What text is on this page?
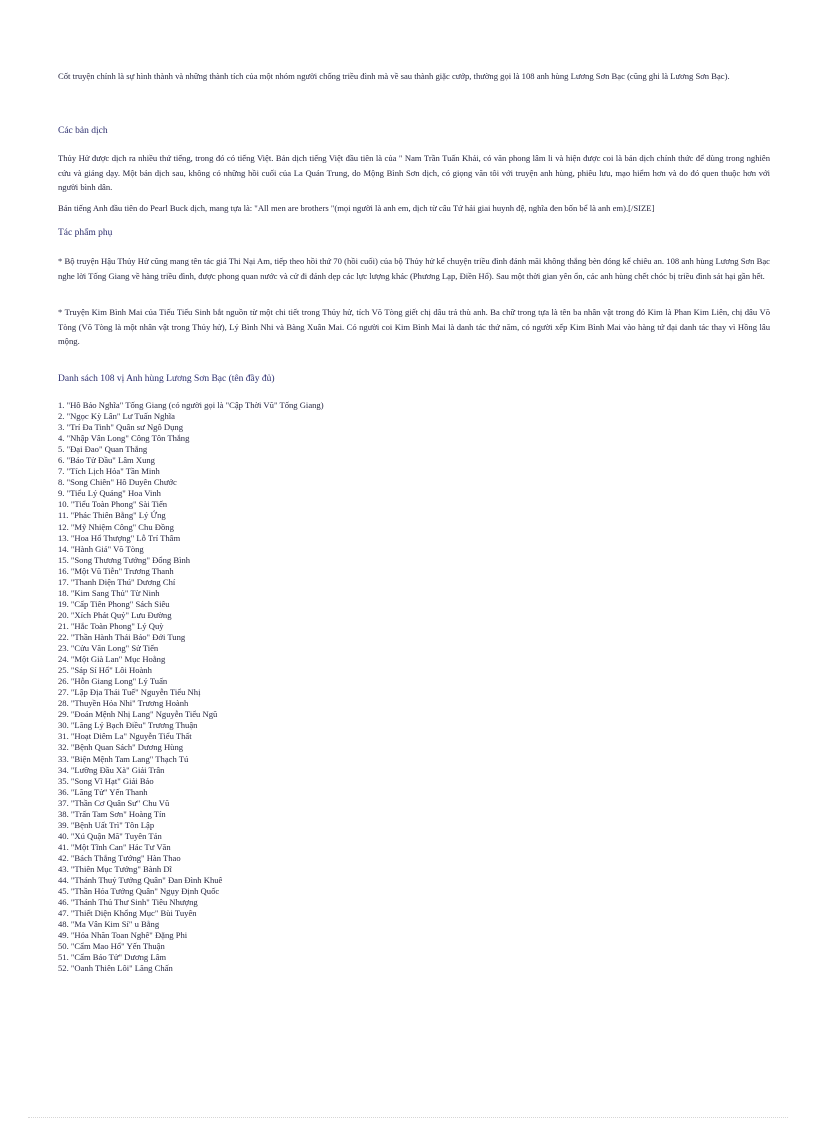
Cốt truyện chính là sự hình thành và những thành tích của một nhóm người chống triều đình mà về sau thành giặc cướp, thường gọi là 108 anh hùng Lương Sơn Bạc (cũng ghi là Lương Sơn Bạc).

Các bản dịch

Thủy Hử được dịch ra nhiều thứ tiếng, trong đó có tiếng Việt. Bản dịch tiếng Việt đầu tiên là của " Nam Trần Tuấn Khải, có văn phong lâm li và hiện được coi là bản dịch chính thức để dùng trong nghiên cứu và giảng dạy. Một bản dịch sau, không có những hồi cuối của La Quán Trung, do Mộng Bình Sơn dịch, có giọng văn tôi với truyện anh hùng, phiêu lưu, mạo hiểm hơn và do đó quen thuộc hơn với người bình dân.

Bản tiếng Anh đầu tiên do Pearl Buck dịch, mang tựa là: "All men are brothers "(mọi người là anh em, dịch từ câu Tứ hải giai huynh đệ, nghĩa đen bốn bể là anh em).[/SIZE]

Tác phẩm phụ

* Bộ truyện Hậu Thủy Hử cũng mang tên tác giả Thi Nại Am, tiếp theo hồi thứ 70 (hồi cuối) của bộ Thủy hử kể chuyện triều đình đánh mãi không thắng bèn đóng kế chiêu an. 108 anh hùng Lương Sơn Bạc nghe lời Tống Giang về hàng triều đình, được phong quan nước và cử đi đánh dẹp các lực lượng khác (Phương Lạp, Điền Hổ). Sau một thời gian yên ổn, các anh hùng chết chóc bị triều đình sát hại gần hết.

* Truyện Kim Bình Mai của Tiếu Tiếu Sinh bắt nguồn từ một chi tiết trong Thủy hử, tích Võ Tòng giết chị dâu trả thù anh. Ba chữ trong tựa là tên ba nhân vật trong đó Kim là Phan Kim Liên, chị dâu Võ Tòng (Võ Tòng là một nhân vật trong Thủy hử), Lý Bình Nhi và Bàng Xuân Mai. Có người coi Kim Bình Mai là danh tác thứ năm, có người xếp Kim Bình Mai vào hàng tứ đại danh tác thay vì Hồng lâu mộng.

Danh sách 108 vị Anh hùng Lương Sơn Bạc (tên đầy đủ)
1. "Hô Bảo Nghĩa" Tống Giang (có người gọi là "Cập Thời Vũ" Tống Giang)
2. "Ngọc Kỳ Lân" Lư Tuấn Nghĩa
3. "Trí Đa Tinh" Quân sư Ngô Dụng
4. "Nhập Vân Long" Công Tôn Thắng
5. "Đại Đao" Quan Thắng
6. "Báo Tử Đầu" Lâm Xung
7. "Tích Lịch Hỏa" Tần Minh
8. "Song Chiên" Hô Duyên Chước
9. "Tiểu Lý Quảng" Hoa Vinh
10. "Tiểu Toàn Phong" Sài Tiến
11. "Phác Thiên Bằng" Lý Ứng
12. "Mỹ Nhiệm Công" Chu Đồng
13. "Hoa Hổ Thượng" Lỗ Trí Thâm
14. "Hành Giả" Võ Tòng
15. "Song Thương Tướng" Đổng Bình
16. "Một Vũ Tiễn" Trương Thanh
17. "Thanh Diện Thú" Dương Chí
18. "Kim Sang Thủ" Từ Ninh
19. "Cấp Tiên Phong" Sách Siêu
20. "Xích Phát Quỷ" Lưu Đường
21. "Hắc Toàn Phong" Lý Quỳ
22. "Thần Hành Thái Bảo" Đới Tung
23. "Cửu Văn Long" Sử Tiến
24. "Một Già Lan" Mục Hoằng
25. "Sáp Sí Hổ" Lôi Hoành
26. "Hỗn Giang Long" Lý Tuấn
27. "Lập Địa Thái Tuế" Nguyễn Tiểu Nhị
28. "Thuyền Hỏa Nhi" Trương Hoành
29. "Đoản Mệnh Nhị Lang" Nguyễn Tiểu Ngũ
30. "Lãng Lý Bạch Điều" Trương Thuận
31. "Hoạt Diêm La" Nguyễn Tiểu Thất
32. "Bệnh Quan Sách" Dương Hùng
33. "Biện Mệnh Tam Lang" Thạch Tú
34. "Lưỡng Đầu Xà" Giải Trân
35. "Song Vĩ Hạt" Giải Bảo
36. "Lãng Tử" Yến Thanh
37. "Thần Cơ Quân Sư" Chu Vũ
38. "Trấn Tam Sơn" Hoàng Tín
39. "Bệnh Uất Trì" Tôn Lập
40. "Xú Quận Mã" Tuyên Tán
41. "Một Tĩnh Can" Hác Tư Văn
42. "Bách Thắng Tướng" Hàn Thao
43. "Thiên Mục Tướng" Bành Dĩ
44. "Thánh Thuỷ Tướng Quân" Đan Đình Khuê
45. "Thần Hỏa Tướng Quân" Ngụy Định Quốc
46. "Thánh Thủ Thư Sinh" Tiêu Nhượng
47. "Thiết Diện Khổng Mục" Bùi Tuyên
48. "Ma Vân Kim Sí" u Bằng
49. "Hỏa Nhãn Toan Nghê" Đặng Phi
50. "Cẩm Mao Hổ" Yến Thuận
51. "Cẩm Báo Tử" Dương Lâm
52. "Oanh Thiên Lôi" Lăng Chấn
